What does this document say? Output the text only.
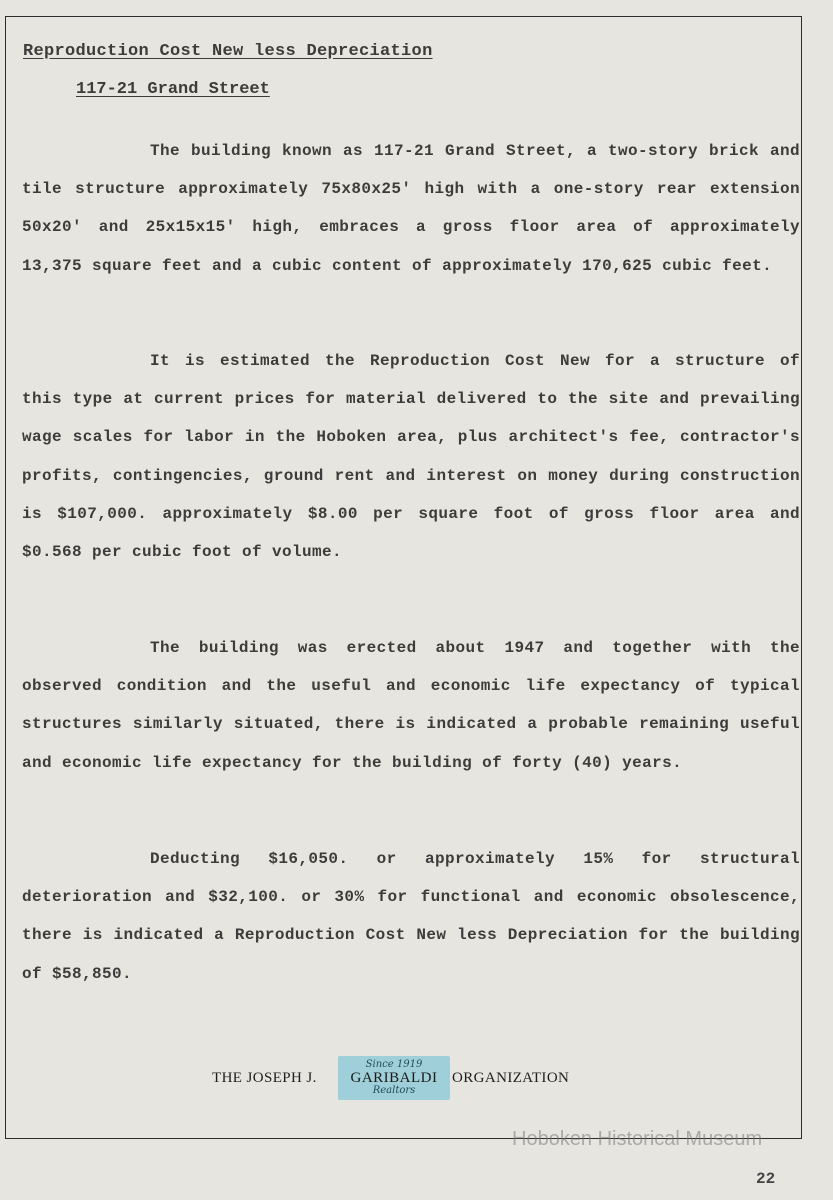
Reproduction Cost New less Depreciation
117-21 Grand Street

The building known as 117-21 Grand Street, a two-story brick and tile structure approximately 75x80x25' high with a one-story rear extension 50x20' and 25x15x15' high, embraces a gross floor area of approximately 13,375 square feet and a cubic content of approximately 170,625 cubic feet.

It is estimated the Reproduction Cost New for a structure of this type at current prices for material delivered to the site and prevailing wage scales for labor in the Hoboken area, plus architect's fee, contractor's profits, contingencies, ground rent and interest on money during construction is $107,000. approximately $8.00 per square foot of gross floor area and $0.568 per cubic foot of volume.

The building was erected about 1947 and together with the observed condition and the useful and economic life expectancy of typical structures similarly situated, there is indicated a probable remaining useful and economic life expectancy for the building of forty (40) years.

Deducting $16,050. or approximately 15% for structural deterioration and $32,100. or 30% for functional and economic obsolescence, there is indicated a Reproduction Cost New less Depreciation for the building of $58,850.

THE JOSEPH J.
Since 1919
GARIBALDI
Realtors
ORGANIZATION
Hoboken Historical Museum
22
